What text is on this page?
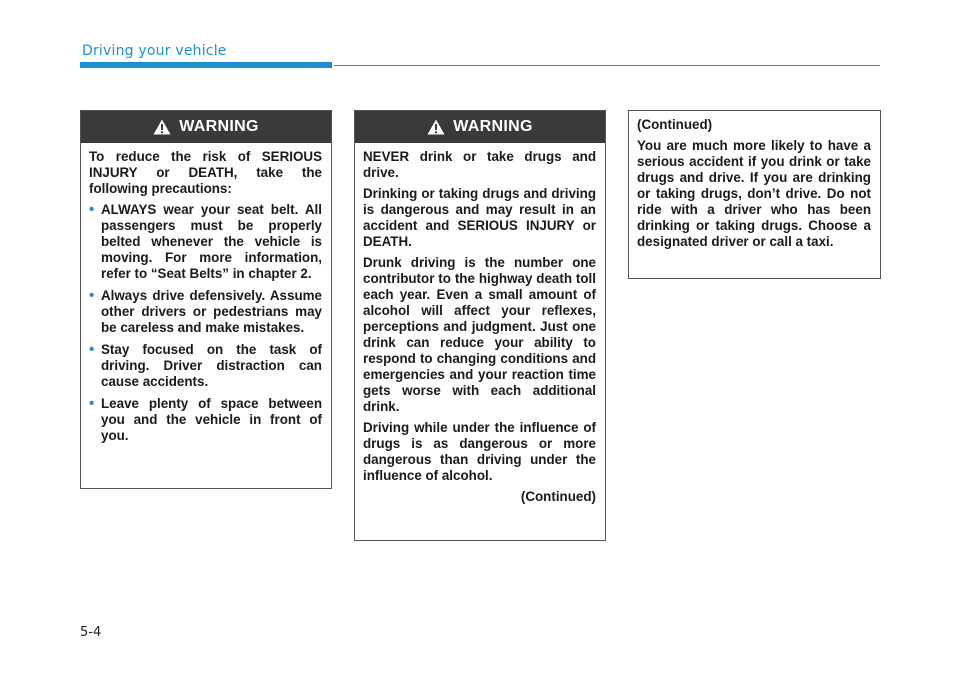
Driving your vehicle
WARNING

To reduce the risk of SERIOUS INJURY or DEATH, take the following precautions:

• ALWAYS wear your seat belt. All passengers must be properly belted whenever the vehicle is moving. For more information, refer to “Seat Belts” in chapter 2.
• Always drive defensively. Assume other drivers or pedestrians may be careless and make mistakes.
• Stay focused on the task of driving. Driver distraction can cause accidents.
• Leave plenty of space between you and the vehicle in front of you.
WARNING

NEVER drink or take drugs and drive.

Drinking or taking drugs and driving is dangerous and may result in an accident and SERIOUS INJURY or DEATH.

Drunk driving is the number one contributor to the highway death toll each year. Even a small amount of alcohol will affect your reflexes, perceptions and judgment. Just one drink can reduce your ability to respond to changing conditions and emergencies and your reaction time gets worse with each additional drink.

Driving while under the influence of drugs is as dangerous or more dangerous than driving under the influence of alcohol.

(Continued)

(Continued)

You are much more likely to have a serious accident if you drink or take drugs and drive. If you are drinking or taking drugs, don’t drive. Do not ride with a driver who has been drinking or taking drugs. Choose a designated driver or call a taxi.

5-4
